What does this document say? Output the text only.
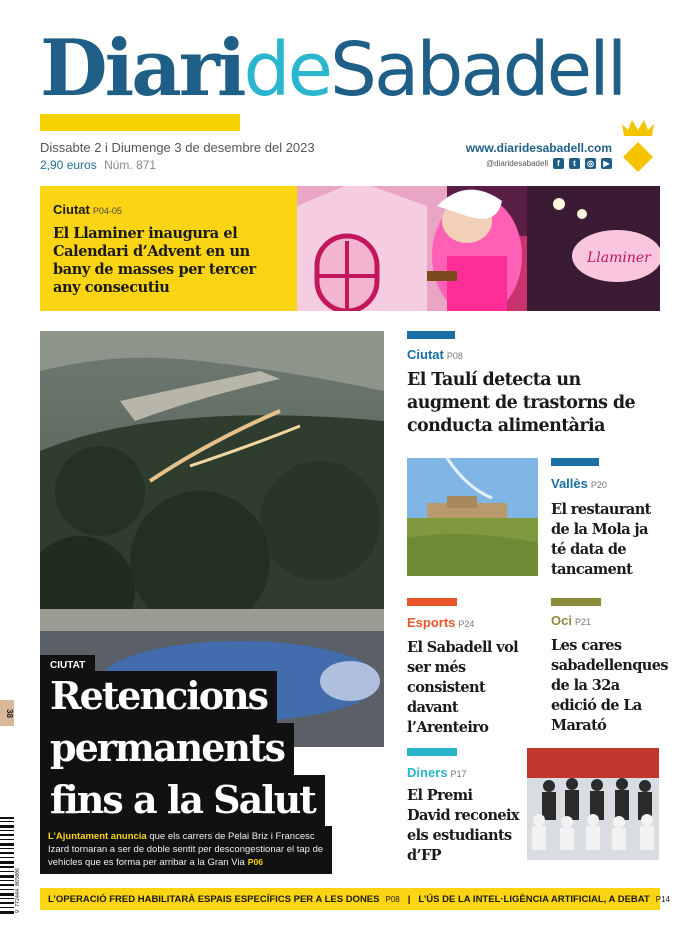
DiarideSabadell
Dissabte 2 i Diumenge 3 de desembre del 2023
2,90 euros Núm. 871
www.diaridesabadell.com
@diaridesabadell	f	t	◎	▶
Ciutat P04-05
El Llaminer inaugura el Calendari d’Advent en un bany de masses per tercer any consecutiu
Llaminer
CIUTAT
Retencions
permanents
fins a la Salut
L’Ajuntament anuncia que els carrers de Pelai Briz i Francesc Izard tornaran a ser de doble sentit per descongestionar el tap de vehicles que es forma per arribar a la Gran Via P06
Ciutat P08
El Taulí detecta un augment de trastorns de conducta alimentària
Vallès P20
El restaurant de la Mola ja té data de tancament
Esports P24
El Sabadell vol ser més consistent davant l’Arenteiro
Oci P21
Les cares sabadellenques de la 32a edició de La Marató
Diners P17
El Premi David reconeix els estudiants d’FP
38
9 772444 065006	L’OPERACIÓ FRED HABILITARÀ ESPAIS ESPECÍFICS PER A LES DONES P08 | L’ÚS DE LA INTEL·LIGÈNCIA ARTIFICIAL, A DEBAT P14
